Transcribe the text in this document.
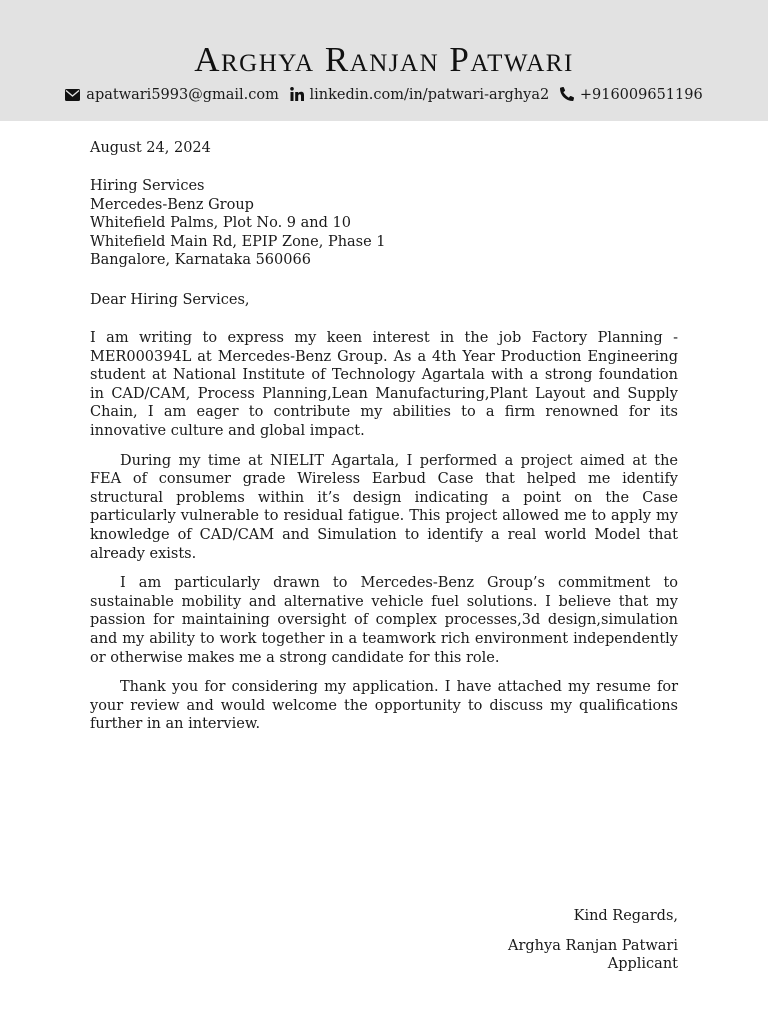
Arghya Ranjan Patwari
apatwari5993@gmail.com linkedin.com/in/patwari-arghya2 +916009651196
August 24, 2024
Hiring Services
Mercedes-Benz Group
Whitefield Palms, Plot No. 9 and 10
Whitefield Main Rd, EPIP Zone, Phase 1
Bangalore, Karnataka 560066
Dear Hiring Services,

I am writing to express my keen interest in the job Factory Planning - MER000394L at Mercedes-Benz Group. As a 4th Year Production Engineering student at National Institute of Technology Agartala with a strong foundation in CAD/CAM, Process Planning,Lean Manufacturing,Plant Layout and Supply Chain, I am eager to contribute my abilities to a firm renowned for its innovative culture and global impact.

During my time at NIELIT Agartala, I performed a project aimed at the FEA of consumer grade Wireless Earbud Case that helped me identify structural problems within it’s design indicating a point on the Case particularly vulnerable to residual fatigue. This project allowed me to apply my knowledge of CAD/CAM and Simulation to identify a real world Model that already exists.

I am particularly drawn to Mercedes-Benz Group’s commitment to sustainable mobility and alternative vehicle fuel solutions. I believe that my passion for maintaining oversight of complex processes,3d design,simulation and my ability to work together in a teamwork rich environment independently or otherwise makes me a strong candidate for this role.

Thank you for considering my application. I have attached my resume for your review and would welcome the opportunity to discuss my qualifications further in an interview.

Kind Regards,
Arghya Ranjan Patwari
Applicant
